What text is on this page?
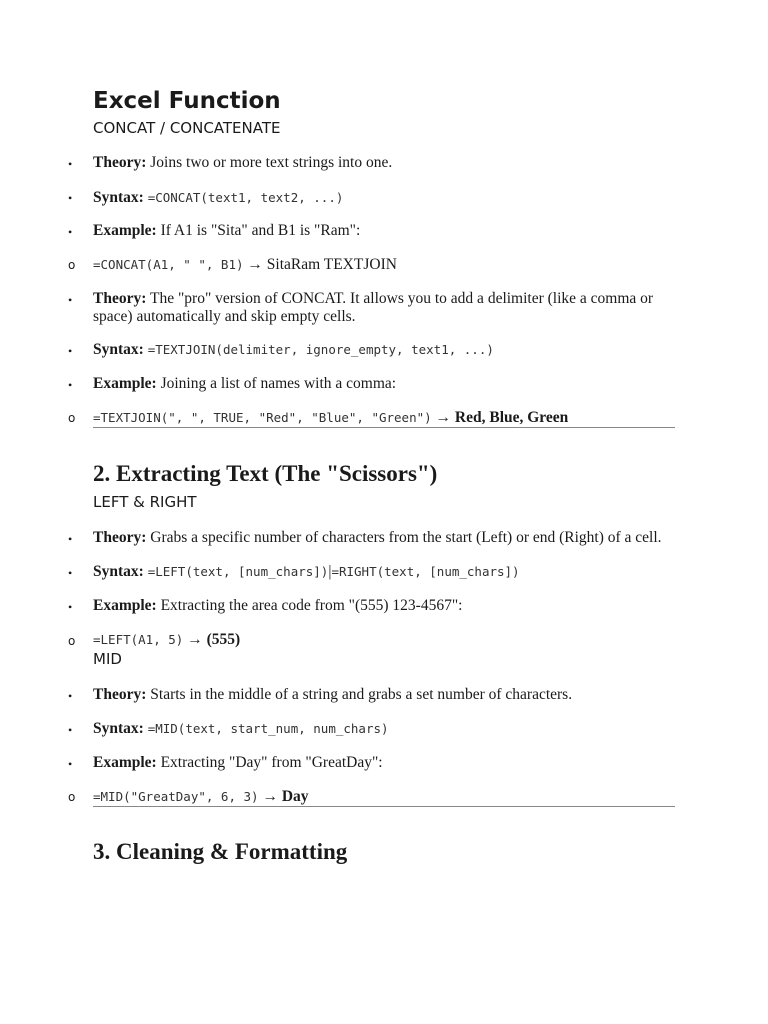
Excel Function
CONCAT / CONCATENATE
• Theory: Joins two or more text strings into one.
• Syntax: =CONCAT(text1, text2, ...)
• Example: If A1 is "Sita" and B1 is "Ram":
o =CONCAT(A1, " ", B1) → SitaRam TEXTJOIN
• Theory: The "pro" version of CONCAT. It allows you to add a delimiter (like a comma or
space) automatically and skip empty cells.
• Syntax: =TEXTJOIN(delimiter, ignore_empty, text1, ...)
• Example: Joining a list of names with a comma:
o =TEXTJOIN(", ", TRUE, "Red", "Blue", "Green") → Red, Blue, Green
2. Extracting Text (The "Scissors")
LEFT & RIGHT
• Theory: Grabs a specific number of characters from the start (Left) or end (Right) of a cell.
• Syntax: =LEFT(text, [num_chars])|=RIGHT(text, [num_chars])
• Example: Extracting the area code from "(555) 123-4567":
o =LEFT(A1, 5) → (555)
MID
• Theory: Starts in the middle of a string and grabs a set number of characters.
• Syntax: =MID(text, start_num, num_chars)
• Example: Extracting "Day" from "GreatDay":
o =MID("GreatDay", 6, 3) → Day
3. Cleaning & Formatting
